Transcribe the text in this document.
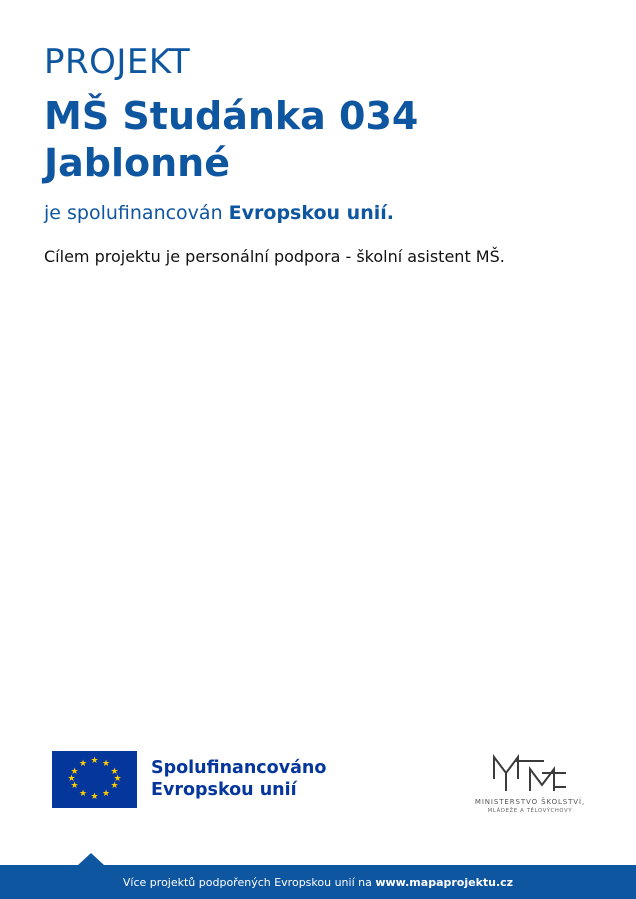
PROJEKT
MŠ Studánka 034 Jablonné
je spolufinancován Evropskou unií.
Cílem projektu je personální podpora - školní asistent MŠ.
★ ★
★
★
★
★
★
★
★
★
★
★	Spolufinancováno
Evropskou unií
MINISTERSTVO ŠKOLSTVÍ,
MLÁDEŽE A TĚLOVÝCHOVY
Více projektů podpořených Evropskou unií na www.mapaprojektu.cz
